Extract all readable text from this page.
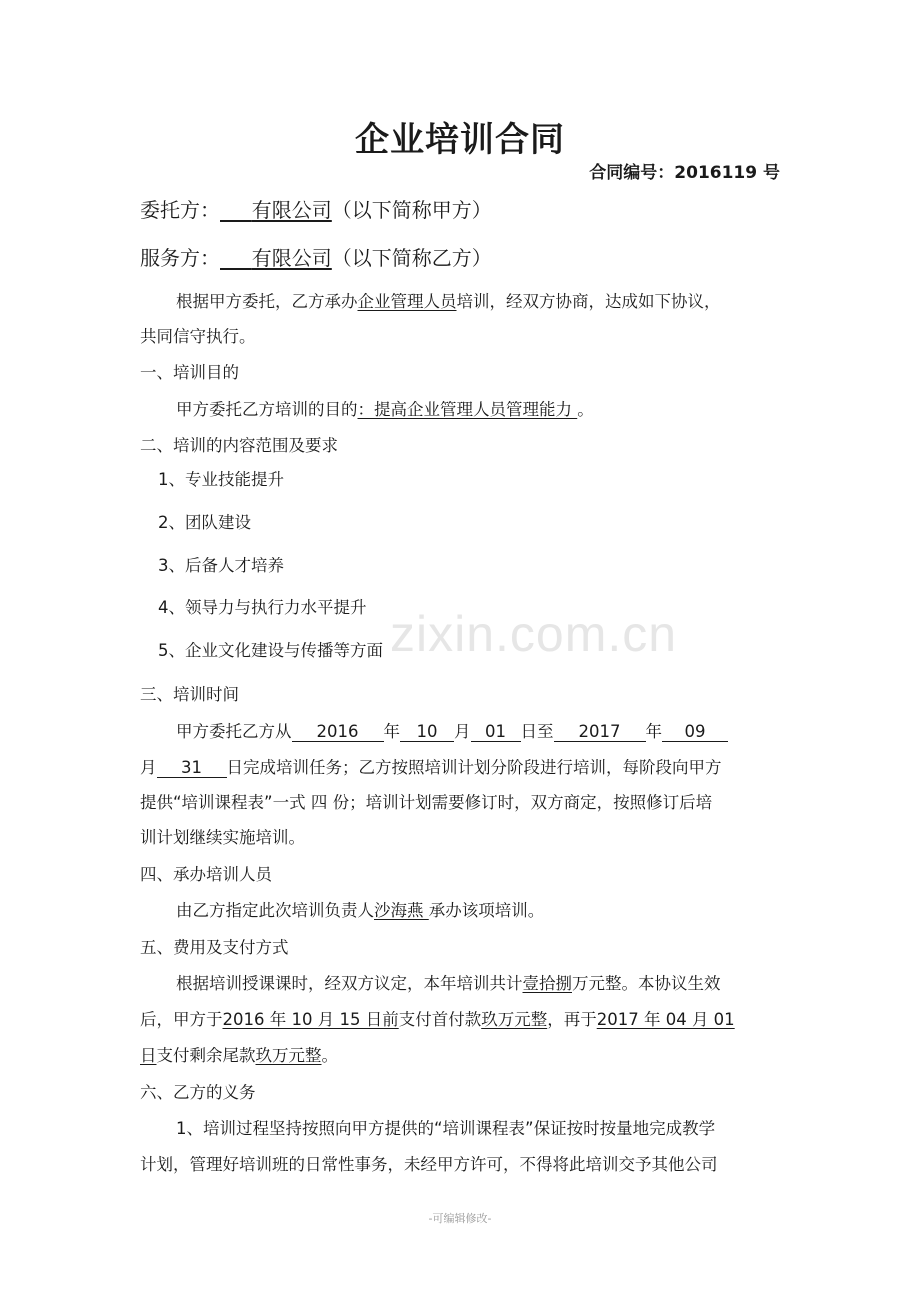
企业培训合同
合同编号：2016119 号
委托方： 有限公司（以下简称甲方）
服务方： 有限公司（以下简称乙方）
根据甲方委托，乙方承办企业管理人员培训，经双方协商，达成如下协议，
共同信守执行。
一、培训目的
甲方委托乙方培训的目的：提高企业管理人员管理能力 。
二、培训的内容范围及要求
1、专业技能提升
2、团队建设
3、后备人才培养
4、领导力与执行力水平提升
5、企业文化建设与传播等方面
三、培训时间
甲方委托乙方从 2016 年 10 月 01 日至 2017 年 09
月 31 日完成培训任务；乙方按照培训计划分阶段进行培训，每阶段向甲方
提供“培训课程表”一式 四 份；培训计划需要修订时，双方商定，按照修订后培
训计划继续实施培训。
四、承办培训人员
由乙方指定此次培训负责人沙海燕 承办该项培训。
五、费用及支付方式
根据培训授课课时，经双方议定，本年培训共计壹拾捌万元整。本协议生效
后，甲方于2016 年 10 月 15 日前支付首付款玖万元整，再于2017 年 04 月 01
日支付剩余尾款玖万元整。
六、乙方的义务
1、培训过程坚持按照向甲方提供的“培训课程表”保证按时按量地完成教学
计划，管理好培训班的日常性事务，未经甲方许可，不得将此培训交予其他公司
zixin.com.cn
-可编辑修改-
